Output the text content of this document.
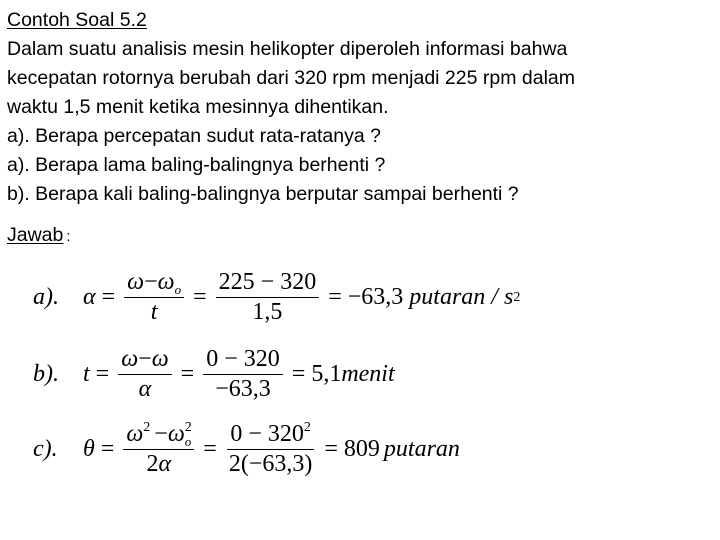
Contoh Soal 5.2
Dalam suatu analisis mesin helikopter diperoleh informasi bahwa
kecepatan rotornya berubah dari 320 rpm menjadi 225 rpm dalam
waktu 1,5 menit ketika mesinnya dihentikan.
a). Berapa percepatan sudut rata-ratanya ?
a). Berapa lama baling-balingnya berhenti ?
b). Berapa kali baling-balingnya berputar sampai berhenti ?
Jawab :
a).	$\alpha = \frac{\omega-\omega_o}{t} = \frac{225 - 320}{1,5} = -63,3$ putaran / s 2
b).	$t = \frac{\omega-\omega}{\alpha} = \frac{0 - 320}{-63,3} = 5,1$ menit
c).	$\theta = \frac{\omega^2 -\omega^2_o}{2\alpha} = \frac{0 - 320^2}{2(-63,3)} = 809$ putaran
